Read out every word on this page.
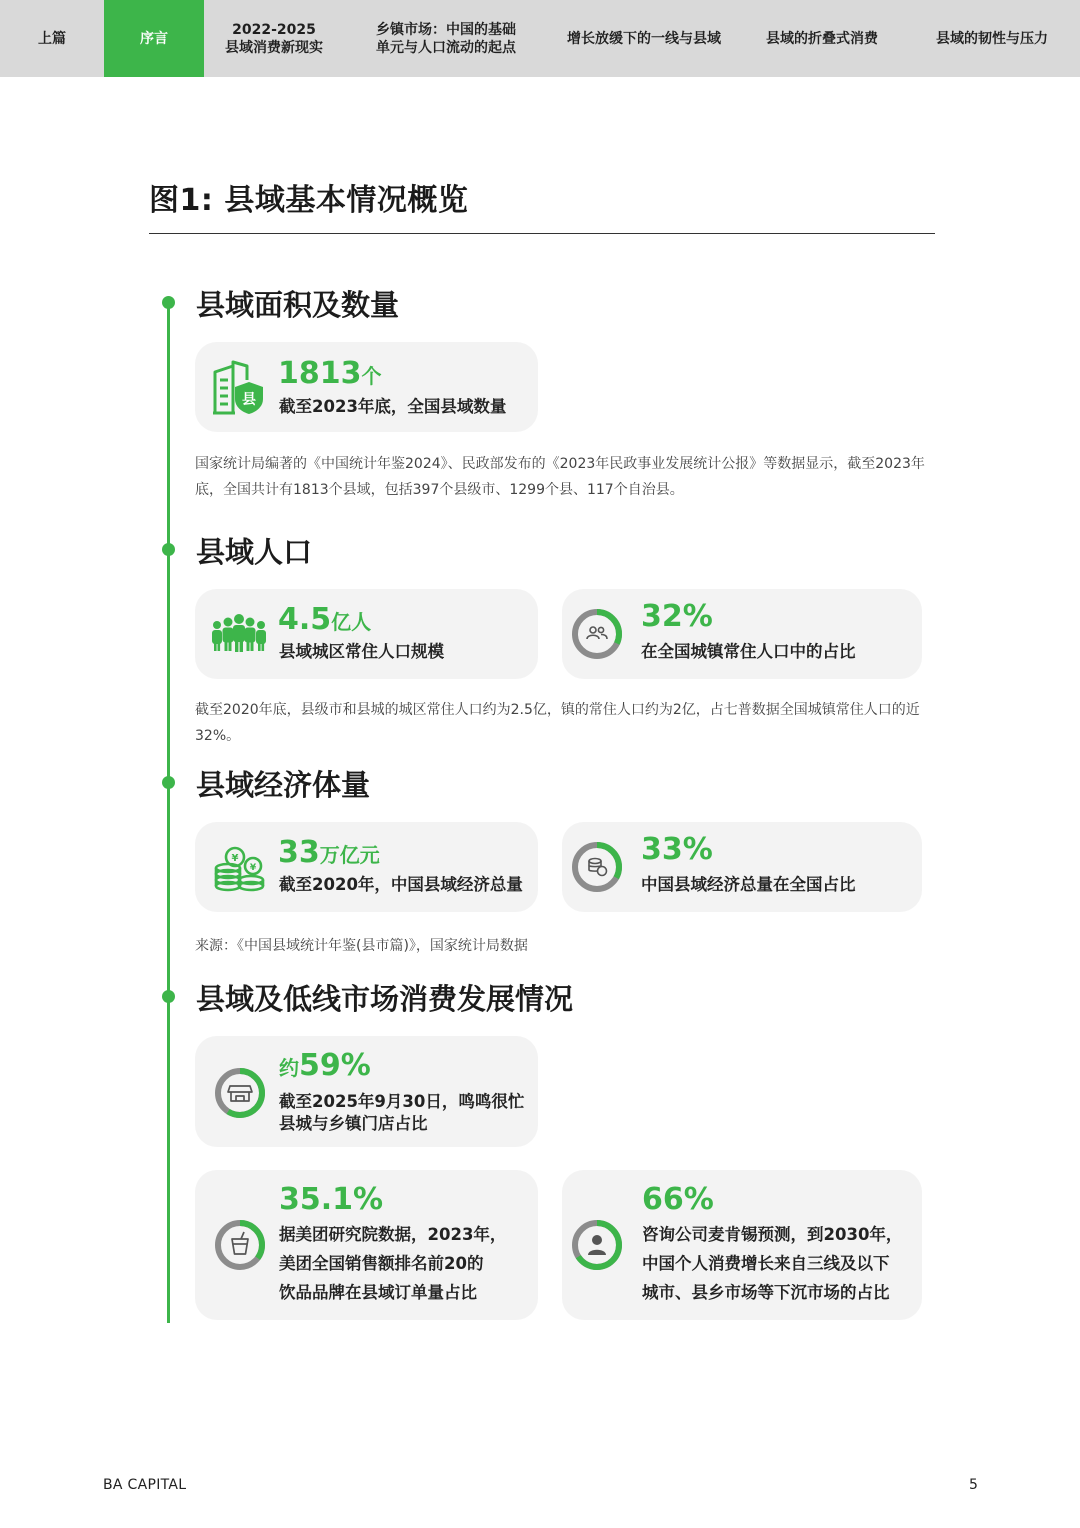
上篇	序言
2022-2025
县域消费新现实
乡镇市场：中国的基础
单元与人口流动的起点
增长放缓下的一线与县域	县域的折叠式消费	县域的韧性与压力
图1: 县域基本情况概览
县域面积及数量
县
1813个
截至2023年底，全国县域数量
国家统计局编著的《中国统计年鉴2024》、民政部发布的《2023年民政事业发展统计公报》等数据显示，截至2023年底，全国共计有1813个县域，包括397个县级市、1299个县、117个自治县。
县域人口
4.5亿人
县域城区常住人口规模
32%
在全国城镇常住人口中的占比
截至2020年底，县级市和县城的城区常住人口约为2.5亿，镇的常住人口约为2亿，占七普数据全国城镇常住人口的近32%。
县域经济体量
¥
¥ 33万亿元
截至2020年，中国县域经济总量
33%
中国县域经济总量在全国占比
来源：《中国县域统计年鉴(县市篇)》，国家统计局数据
县域及低线市场消费发展情况
约59%
截至2025年9月30日，鸣鸣很忙
县城与乡镇门店占比
35.1%
据美团研究院数据，2023年，
美团全国销售额排名前20的
饮品品牌在县域订单量占比
66%
咨询公司麦肯锡预测，到2030年，
中国个人消费增长来自三线及以下
城市、县乡市场等下沉市场的占比
BA CAPITAL	5
